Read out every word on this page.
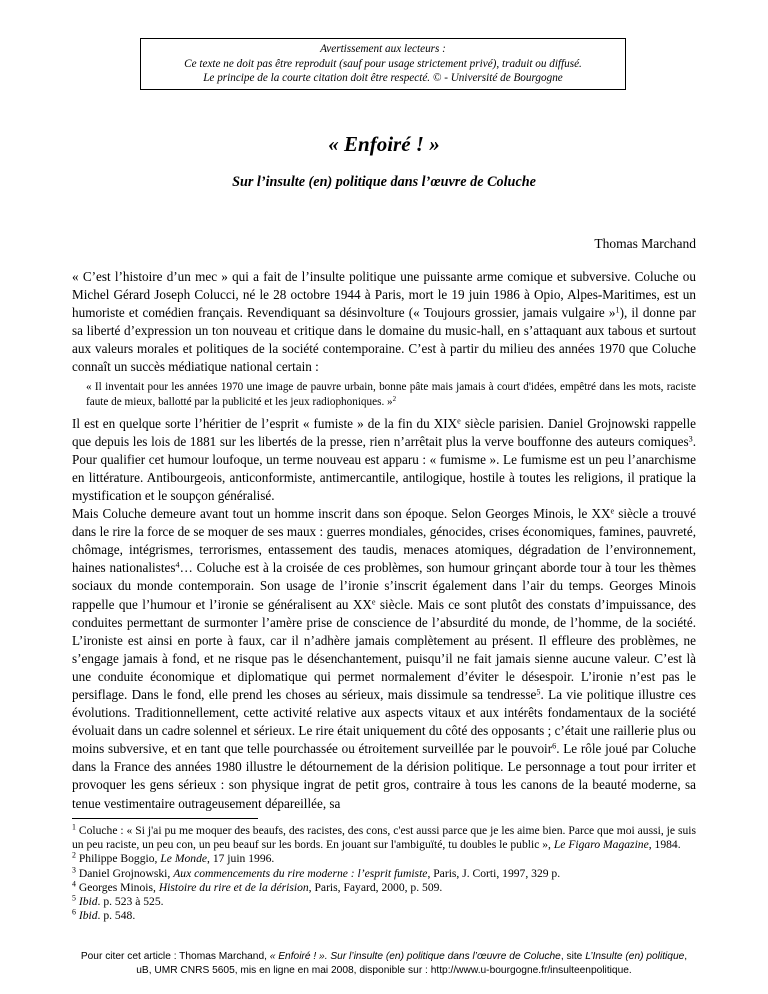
Avertissement aux lecteurs :
Ce texte ne doit pas être reproduit (sauf pour usage strictement privé), traduit ou diffusé.
Le principe de la courte citation doit être respecté. © - Université de Bourgogne
« Enfoiré ! »
Sur l’insulte (en) politique dans l’œuvre de Coluche
Thomas Marchand

« C’est l’histoire d’un mec » qui a fait de l’insulte politique une puissante arme comique et subversive. Coluche ou Michel Gérard Joseph Colucci, né le 28 octobre 1944 à Paris, mort le 19 juin 1986 à Opio, Alpes-Maritimes, est un humoriste et comédien français. Revendiquant sa désinvolture (« Toujours grossier, jamais vulgaire »$^1$), il donne par sa liberté d’expression un ton nouveau et critique dans le domaine du music-hall, en s’attaquant aux tabous et surtout aux valeurs morales et politiques de la société contemporaine. C’est à partir du milieu des années 1970 que Coluche connaît un succès médiatique national certain :

« Il inventait pour les années 1970 une image de pauvre urbain, bonne pâte mais jamais à court d'idées, empêtré dans les mots, raciste faute de mieux, ballotté par la publicité et les jeux radiophoniques. »$^2$

Il est en quelque sorte l’héritier de l’esprit « fumiste » de la fin du XIXe siècle parisien. Daniel Grojnowski rappelle que depuis les lois de 1881 sur les libertés de la presse, rien n’arrêtait plus la verve bouffonne des auteurs comiques$^3$. Pour qualifier cet humour loufoque, un terme nouveau est apparu : « fumisme ». Le fumisme est un peu l’anarchisme en littérature. Antibourgeois, anticonformiste, antimercantile, antilogique, hostile à toutes les religions, il pratique la mystification et le soupçon généralisé.

Mais Coluche demeure avant tout un homme inscrit dans son époque. Selon Georges Minois, le XXe siècle a trouvé dans le rire la force de se moquer de ses maux : guerres mondiales, génocides, crises économiques, famines, pauvreté, chômage, intégrismes, terrorismes, entassement des taudis, menaces atomiques, dégradation de l’environnement, haines nationalistes$^4$… Coluche est à la croisée de ces problèmes, son humour grinçant aborde tour à tour les thèmes sociaux du monde contemporain. Son usage de l’ironie s’inscrit également dans l’air du temps. Georges Minois rappelle que l’humour et l’ironie se généralisent au XXe siècle. Mais ce sont plutôt des constats d’impuissance, des conduites permettant de surmonter l’amère prise de conscience de l’absurdité du monde, de l’homme, de la société. L’ironiste est ainsi en porte à faux, car il n’adhère jamais complètement au présent. Il effleure des problèmes, ne s’engage jamais à fond, et ne risque pas le désenchantement, puisqu’il ne fait jamais sienne aucune valeur. C’est là une conduite économique et diplomatique qui permet normalement d’éviter le désespoir. L’ironie n’est pas le persiflage. Dans le fond, elle prend les choses au sérieux, mais dissimule sa tendresse$^5$. La vie politique illustre ces évolutions. Traditionnellement, cette activité relative aux aspects vitaux et aux intérêts fondamentaux de la société évoluait dans un cadre solennel et sérieux. Le rire était uniquement du côté des opposants ; c’était une raillerie plus ou moins subversive, et en tant que telle pourchassée ou étroitement surveillée par le pouvoir$^6$. Le rôle joué par Coluche dans la France des années 1980 illustre le détournement de la dérision politique. Le personnage a tout pour irriter et provoquer les gens sérieux : son physique ingrat de petit gros, contraire à tous les canons de la beauté moderne, sa tenue vestimentaire outrageusement dépareillée, sa

$^1$ Coluche : « Si j'ai pu me moquer des beaufs, des racistes, des cons, c'est aussi parce que je les aime bien. Parce que moi aussi, je suis un peu raciste, un peu con, un peu beauf sur les bords. En jouant sur l'ambiguïté, tu doubles le public », Le Figaro Magazine, 1984.

$^2$ Philippe Boggio, Le Monde, 17 juin 1996.

$^3$ Daniel Grojnowski, Aux commencements du rire moderne : l’esprit fumiste, Paris, J. Corti, 1997, 329 p.

$^4$ Georges Minois, Histoire du rire et de la dérision, Paris, Fayard, 2000, p. 509.

$^5$ Ibid. p. 523 à 525.

$^6$ Ibid. p. 548.

Pour citer cet article : Thomas Marchand, « Enfoiré ! ». Sur l’insulte (en) politique dans l’œuvre de Coluche, site L’Insulte (en) politique,
uB, UMR CNRS 5605, mis en ligne en mai 2008, disponible sur : http://www.u-bourgogne.fr/insulteenpolitique.
